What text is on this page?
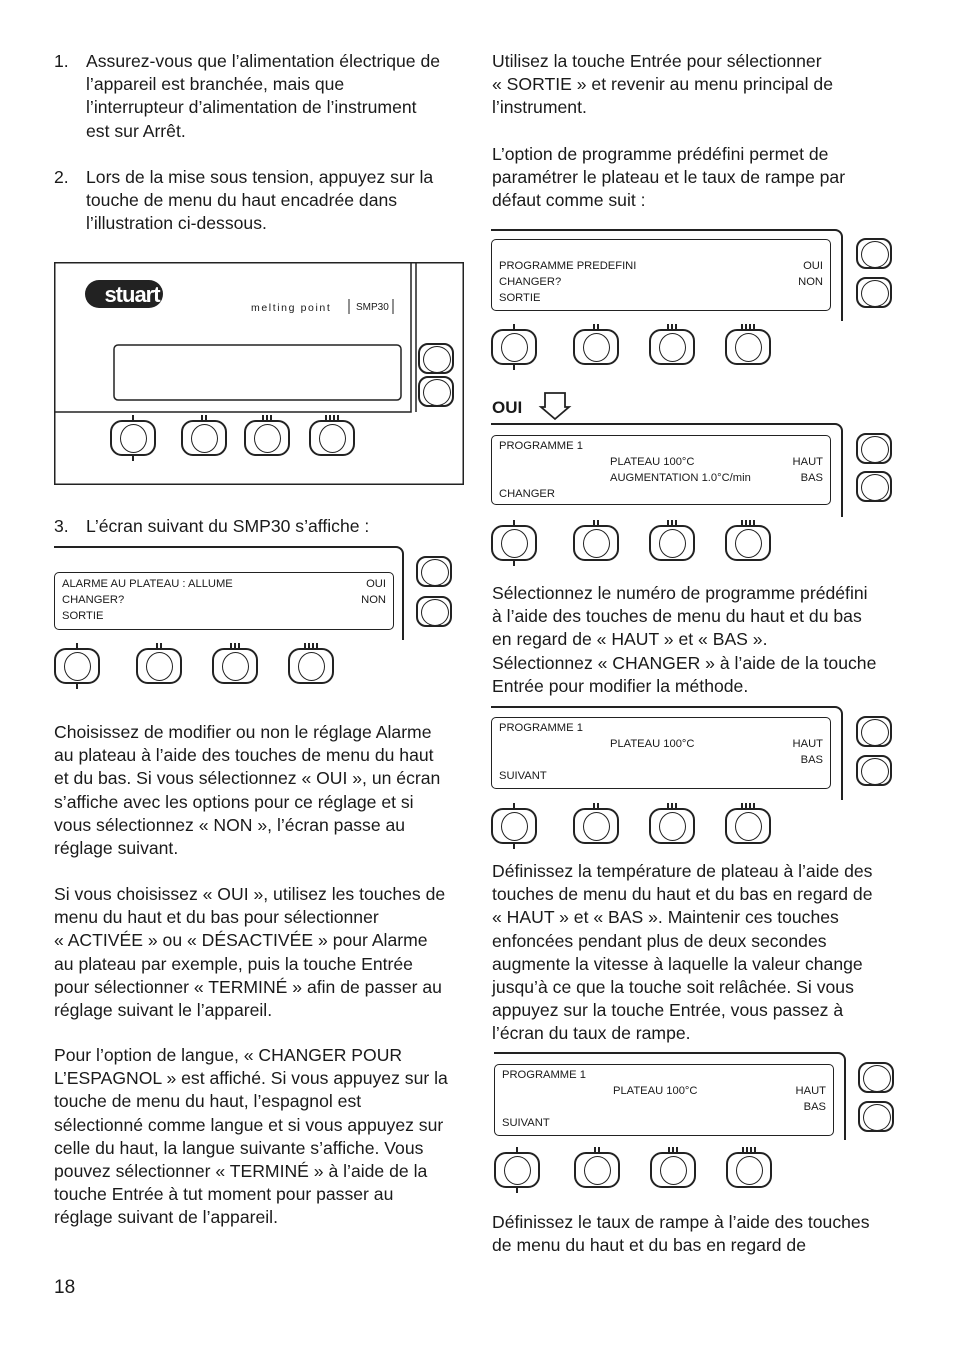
1. Assurez-vous que l’alimentation électrique de
l’appareil est branchée, mais que
l’interrupteur d’alimentation de l’instrument
est sur Arrêt.
2. Lors de la mise sous tension, appuyez sur la
touche de menu du haut encadrée dans
l’illustration ci-dessous.
stuart
melting point SMP30
3. L’écran suivant du SMP30 s’affiche :
ALARME AU PLATEAU : ALLUME	OUI
CHANGER?	NON
SORTIE
Choisissez de modifier ou non le réglage Alarme
au plateau à l’aide des touches de menu du haut
et du bas. Si vous sélectionnez « OUI », un écran
s’affiche avec les options pour ce réglage et si
vous sélectionnez « NON », l’écran passe au
réglage suivant.
Si vous choisissez « OUI », utilisez les touches de
menu du haut et du bas pour sélectionner
« ACTIVÉE » ou « DÉSACTIVÉE » pour Alarme
au plateau par exemple, puis la touche Entrée
pour sélectionner « TERMINÉ » afin de passer au
réglage suivant le l’appareil.
Pour l’option de langue, « CHANGER POUR
L’ESPAGNOL » est affiché. Si vous appuyez sur la
touche de menu du haut, l’espagnol est
sélectionné comme langue et si vous appuyez sur
celle du haut, la langue suivante s’affiche. Vous
pouvez sélectionner « TERMINÉ » à l’aide de la
touche Entrée à tut moment pour passer au
réglage suivant de l’appareil.
Utilisez la touche Entrée pour sélectionner
« SORTIE » et revenir au menu principal de
l’instrument.
L’option de programme prédéfini permet de
paramétrer le plateau et le taux de rampe par
défaut comme suit :
PROGRAMME PREDEFINI	OUI
CHANGER?	NON
SORTIE
OUI
PROGRAMME 1
PLATEAU 100°C	HAUT
AUGMENTATION 1.0°C/min	BAS
CHANGER
Sélectionnez le numéro de programme prédéfini
à l’aide des touches de menu du haut et du bas
en regard de « HAUT » et « BAS ».
Sélectionnez « CHANGER » à l’aide de la touche
Entrée pour modifier la méthode.
PROGRAMME 1
PLATEAU 100°C	HAUT
BAS
SUIVANT
Définissez la température de plateau à l’aide des
touches de menu du haut et du bas en regard de
« HAUT » et « BAS ». Maintenir ces touches
enfoncées pendant plus de deux secondes
augmente la vitesse à laquelle la valeur change
jusqu’à ce que la touche soit relâchée. Si vous
appuyez sur la touche Entrée, vous passez à
l’écran du taux de rampe.
PROGRAMME 1
PLATEAU 100°C	HAUT
BAS
SUIVANT
Définissez le taux de rampe à l’aide des touches
de menu du haut et du bas en regard de
18
